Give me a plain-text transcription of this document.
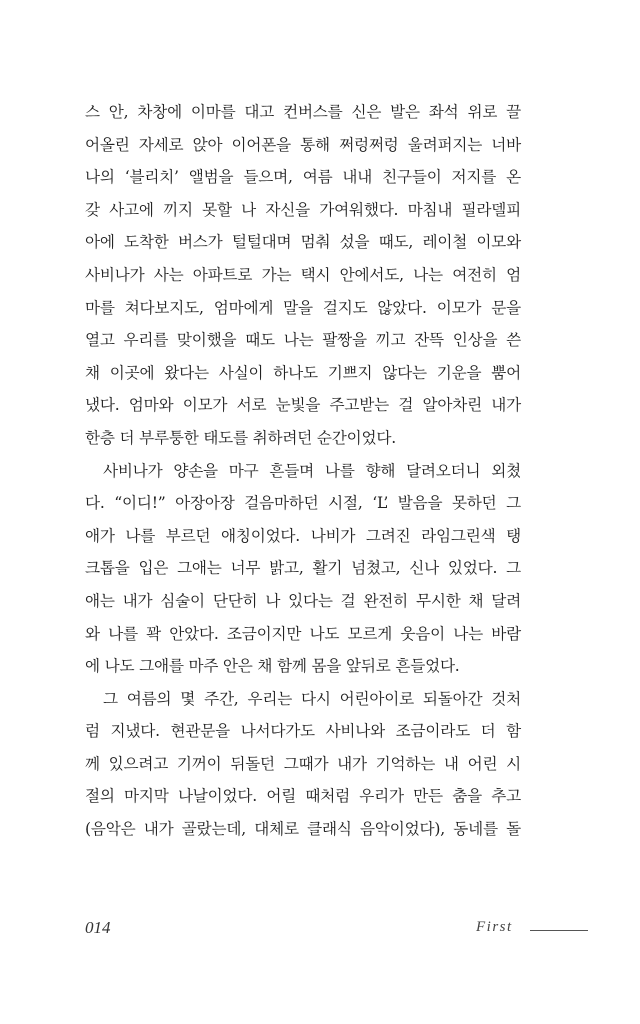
스 안, 차창에 이마를 대고 컨버스를 신은 발은 좌석 위로 끌
어올린 자세로 앉아 이어폰을 통해 쩌렁쩌렁 울려퍼지는 너바
나의 ‘블리치’ 앨범을 들으며, 여름 내내 친구들이 저지를 온
갖 사고에 끼지 못할 나 자신을 가여워했다. 마침내 필라델피
아에 도착한 버스가 털털대며 멈춰 섰을 때도, 레이철 이모와
사비나가 사는 아파트로 가는 택시 안에서도, 나는 여전히 엄
마를 쳐다보지도, 엄마에게 말을 걸지도 않았다. 이모가 문을
열고 우리를 맞이했을 때도 나는 팔짱을 끼고 잔뜩 인상을 쓴
채 이곳에 왔다는 사실이 하나도 기쁘지 않다는 기운을 뿜어
냈다. 엄마와 이모가 서로 눈빛을 주고받는 걸 알아차린 내가
한층 더 부루퉁한 태도를 취하려던 순간이었다.
사비나가 양손을 마구 흔들며 나를 향해 달려오더니 외쳤
다. “이디!” 아장아장 걸음마하던 시절, ‘L’ 발음을 못하던 그
애가 나를 부르던 애칭이었다. 나비가 그려진 라임그린색 탱
크톱을 입은 그애는 너무 밝고, 활기 넘쳤고, 신나 있었다. 그
애는 내가 심술이 단단히 나 있다는 걸 완전히 무시한 채 달려
와 나를 꽉 안았다. 조금이지만 나도 모르게 웃음이 나는 바람
에 나도 그애를 마주 안은 채 함께 몸을 앞뒤로 흔들었다.
그 여름의 몇 주간, 우리는 다시 어린아이로 되돌아간 것처
럼 지냈다. 현관문을 나서다가도 사비나와 조금이라도 더 함
께 있으려고 기꺼이 뒤돌던 그때가 내가 기억하는 내 어린 시
절의 마지막 나날이었다. 어릴 때처럼 우리가 만든 춤을 추고
(음악은 내가 골랐는데, 대체로 클래식 음악이었다), 동네를 돌
014	First
